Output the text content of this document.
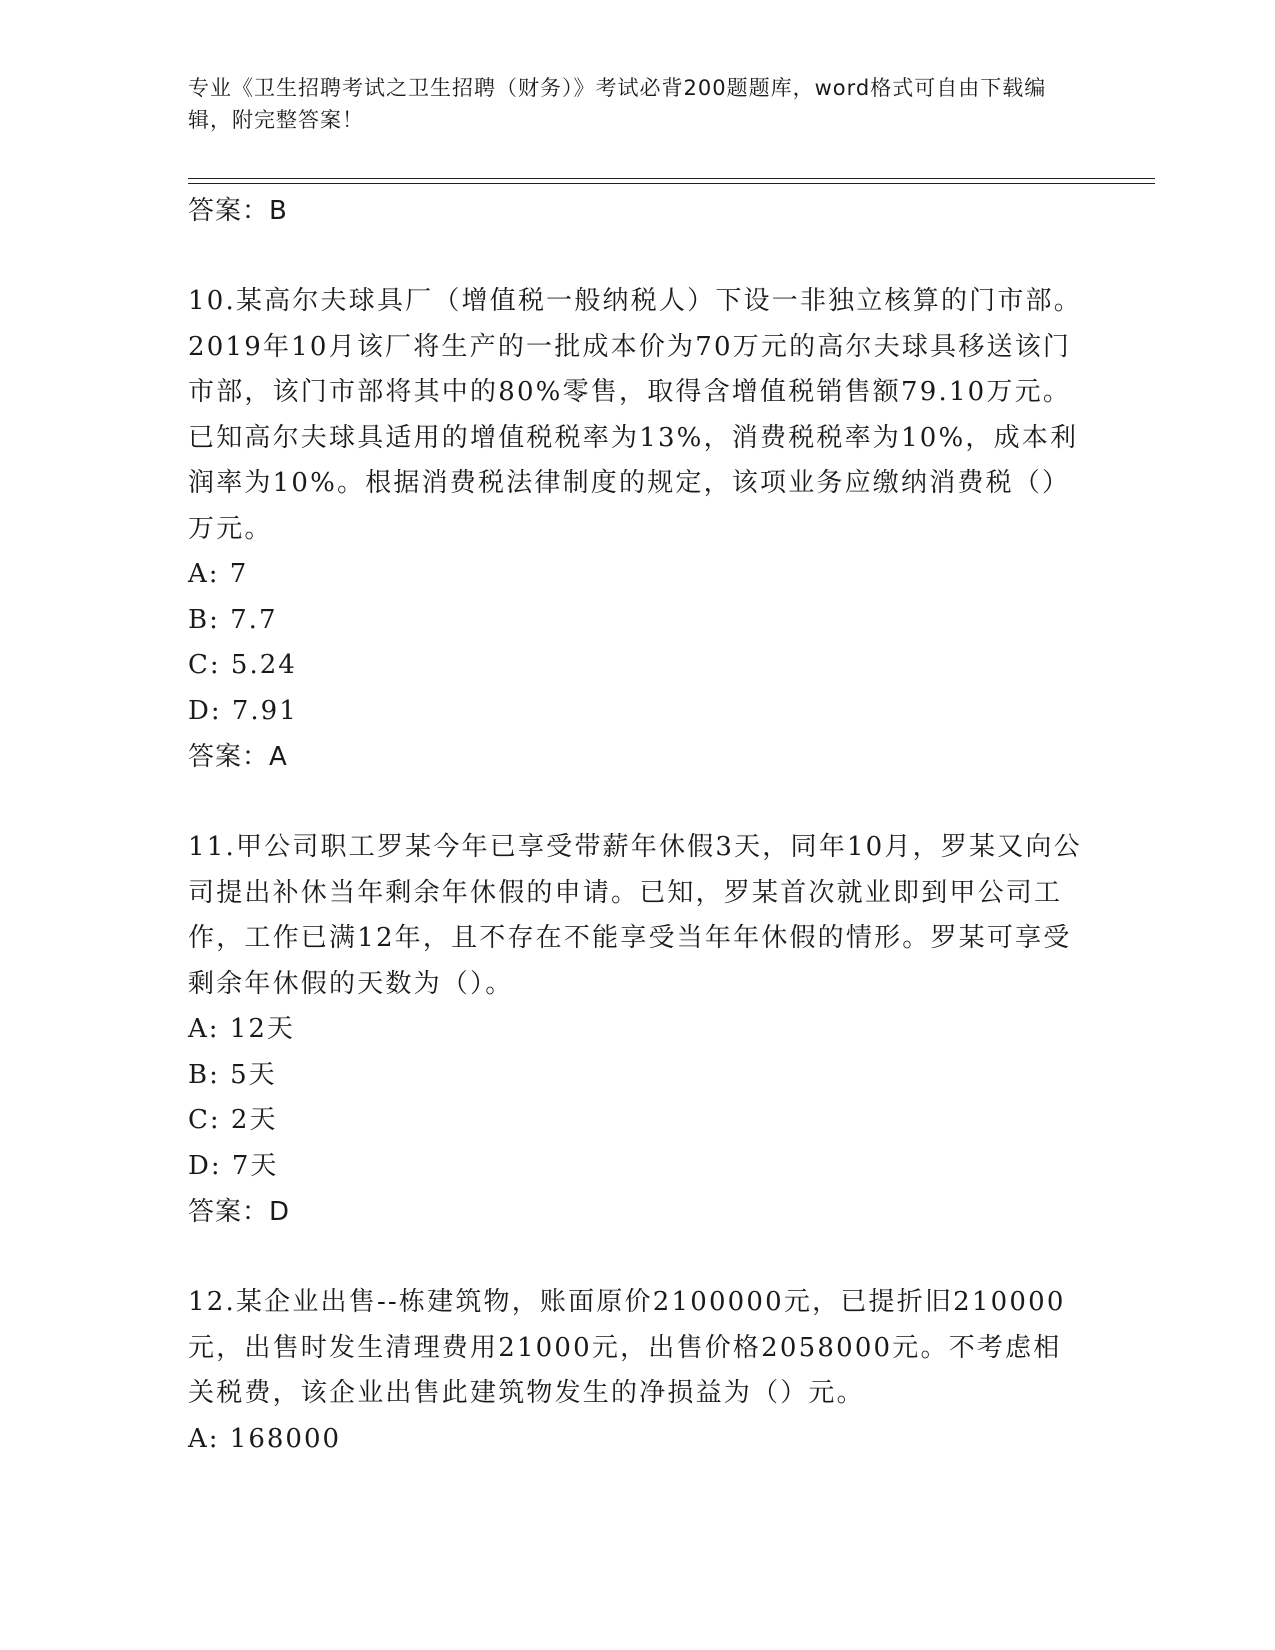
专业《卫生招聘考试之卫生招聘（财务）》考试必背200题题库，word格式可自由下载编辑，附完整答案！
答案：B

10.某高尔夫球具厂（增值税一般纳税人）下设一非独立核算的门市部。2019年10月该厂将生产的一批成本价为70万元的高尔夫球具移送该门市部，该门市部将其中的80%零售，取得含增值税销售额79.10万元。已知高尔夫球具适用的增值税税率为13%，消费税税率为10%，成本利润率为10%。根据消费税法律制度的规定，该项业务应缴纳消费税（）万元。

A: 7
B: 7.7
C: 5.24
D: 7.91
答案：A

11.甲公司职工罗某今年已享受带薪年休假3天，同年10月，罗某又向公司提出补休当年剩余年休假的申请。已知，罗某首次就业即到甲公司工作，工作已满12年，且不存在不能享受当年年休假的情形。罗某可享受剩余年休假的天数为（）。

A: 12天
B: 5天
C: 2天
D: 7天
答案：D

12.某企业出售--栋建筑物，账面原价2100000元，已提折旧210000元，出售时发生清理费用21000元，出售价格2058000元。不考虑相关税费，该企业出售此建筑物发生的净损益为（）元。

A: 168000
